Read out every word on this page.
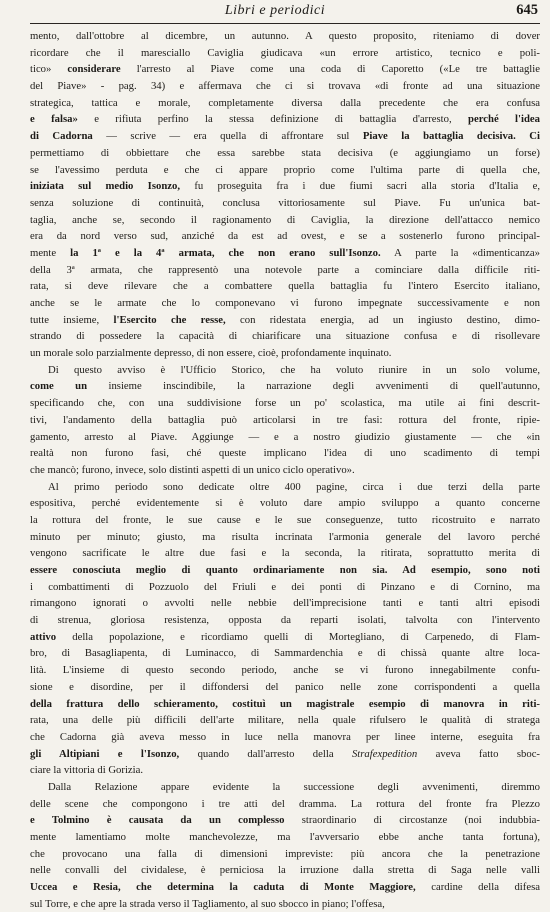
Libri e periodici	645
mento, dall'ottobre al dicembre, un autunno. A questo proposito, riteniamo di dover
ricordare che il maresciallo Caviglia giudicava «un errore artistico, tecnico e poli-
tico» considerare l'arresto al Piave come una coda di Caporetto («Le tre battaglie
del Piave» - pag. 34) e affermava che ci si trovava «di fronte ad una situazione
strategica, tattica e morale, completamente diversa dalla precedente che era confusa
e falsa» e rifiuta perfino la stessa definizione di battaglia d'arresto, perché l'idea
di Cadorna — scrive — era quella di affrontare sul Piave la battaglia decisiva. Ci
permettiamo di obbiettare che essa sarebbe stata decisiva (e aggiungiamo un forse)
se l'avessimo perduta e che ci appare proprio come l'ultima parte di quella che,
iniziata sul medio Isonzo, fu proseguita fra i due fiumi sacri alla storia d'Italia e,
senza soluzione di continuità, conclusa vittoriosamente sul Piave. Fu un'unica bat-
taglia, anche se, secondo il ragionamento di Caviglia, la direzione dell'attacco nemico
era da nord verso sud, anziché da est ad ovest, e se a sostenerlo furono principal-
mente la 1ª e la 4ª armata, che non erano sull'Isonzo. A parte la «dimenticanza»
della 3ª armata, che rappresentò una notevole parte a cominciare dalla difficile riti-
rata, si deve rilevare che a combattere quella battaglia fu l'intero Esercito italiano,
anche se le armate che lo componevano vi furono impegnate successivamente e non
tutte insieme, l'Esercito che resse, con ridestata energia, ad un ingiusto destino, dimo-
strando di possedere la capacità di chiarificare una situazione confusa e di risollevare
un morale solo parzialmente depresso, di non essere, cioè, profondamente inquinato.
Di questo avviso è l'Ufficio Storico, che ha voluto riunire in un solo volume,
come un insieme inscindibile, la narrazione degli avvenimenti di quell'autunno,
specificando che, con una suddivisione forse un po' scolastica, ma utile ai fini descrit-
tivi, l'andamento della battaglia può articolarsi in tre fasi: rottura del fronte, ripie-
gamento, arresto al Piave. Aggiunge — e a nostro giudizio giustamente — che «in
realtà non furono fasi, ché queste implicano l'idea di uno scadimento di tempi
che mancò; furono, invece, solo distinti aspetti di un unico ciclo operativo».
Al primo periodo sono dedicate oltre 400 pagine, circa i due terzi della parte
espositiva, perché evidentemente si è voluto dare ampio sviluppo a quanto concerne
la rottura del fronte, le sue cause e le sue conseguenze, tutto ricostruito e narrato
minuto per minuto; giusto, ma risulta incrinata l'armonia generale del lavoro perché
vengono sacrificate le altre due fasi e la seconda, la ritirata, soprattutto merita di
essere conosciuta meglio di quanto ordinariamente non sia. Ad esempio, sono noti
i combattimenti di Pozzuolo del Friuli e dei ponti di Pinzano e di Cornino, ma
rimangono ignorati o avvolti nelle nebbie dell'imprecisione tanti e tanti altri episodi
di strenua, gloriosa resistenza, opposta da reparti isolati, talvolta con l'intervento
attivo della popolazione, e ricordiamo quelli di Mortegliano, di Carpenedo, di Flam-
bro, di Basagliapenta, di Luminacco, di Sammardenchia e di chissà quante altre loca-
lità. L'insieme di questo secondo periodo, anche se vi furono innegabilmente confu-
sione e disordine, per il diffondersi del panico nelle zone corrispondenti a quella
della frattura dello schieramento, costituì un magistrale esempio di manovra in riti-
rata, una delle più difficili dell'arte militare, nella quale rifulsero le qualità di stratega
che Cadorna già aveva messo in luce nella manovra per linee interne, eseguita fra
gli Altipiani e l'Isonzo, quando dall'arresto della Strafexpedition aveva fatto sboc-
ciare la vittoria di Gorizia.
Dalla Relazione appare evidente la successione degli avvenimenti, diremmo
delle scene che compongono i tre atti del dramma. La rottura del fronte fra Plezzo
e Tolmino è causata da un complesso straordinario di circostanze (noi indubbia-
mente lamentiamo molte manchevolezze, ma l'avversario ebbe anche tanta fortuna),
che provocano una falla di dimensioni impreviste: più ancora che la penetrazione
nelle convalli del cividalese, è perniciosa la irruzione dalla stretta di Saga nelle valli
Uccea e Resia, che determina la caduta di Monte Maggiore, cardine della difesa
sul Torre, e che apre la strada verso il Tagliamento, al suo sbocco in piano; l'offesa,
